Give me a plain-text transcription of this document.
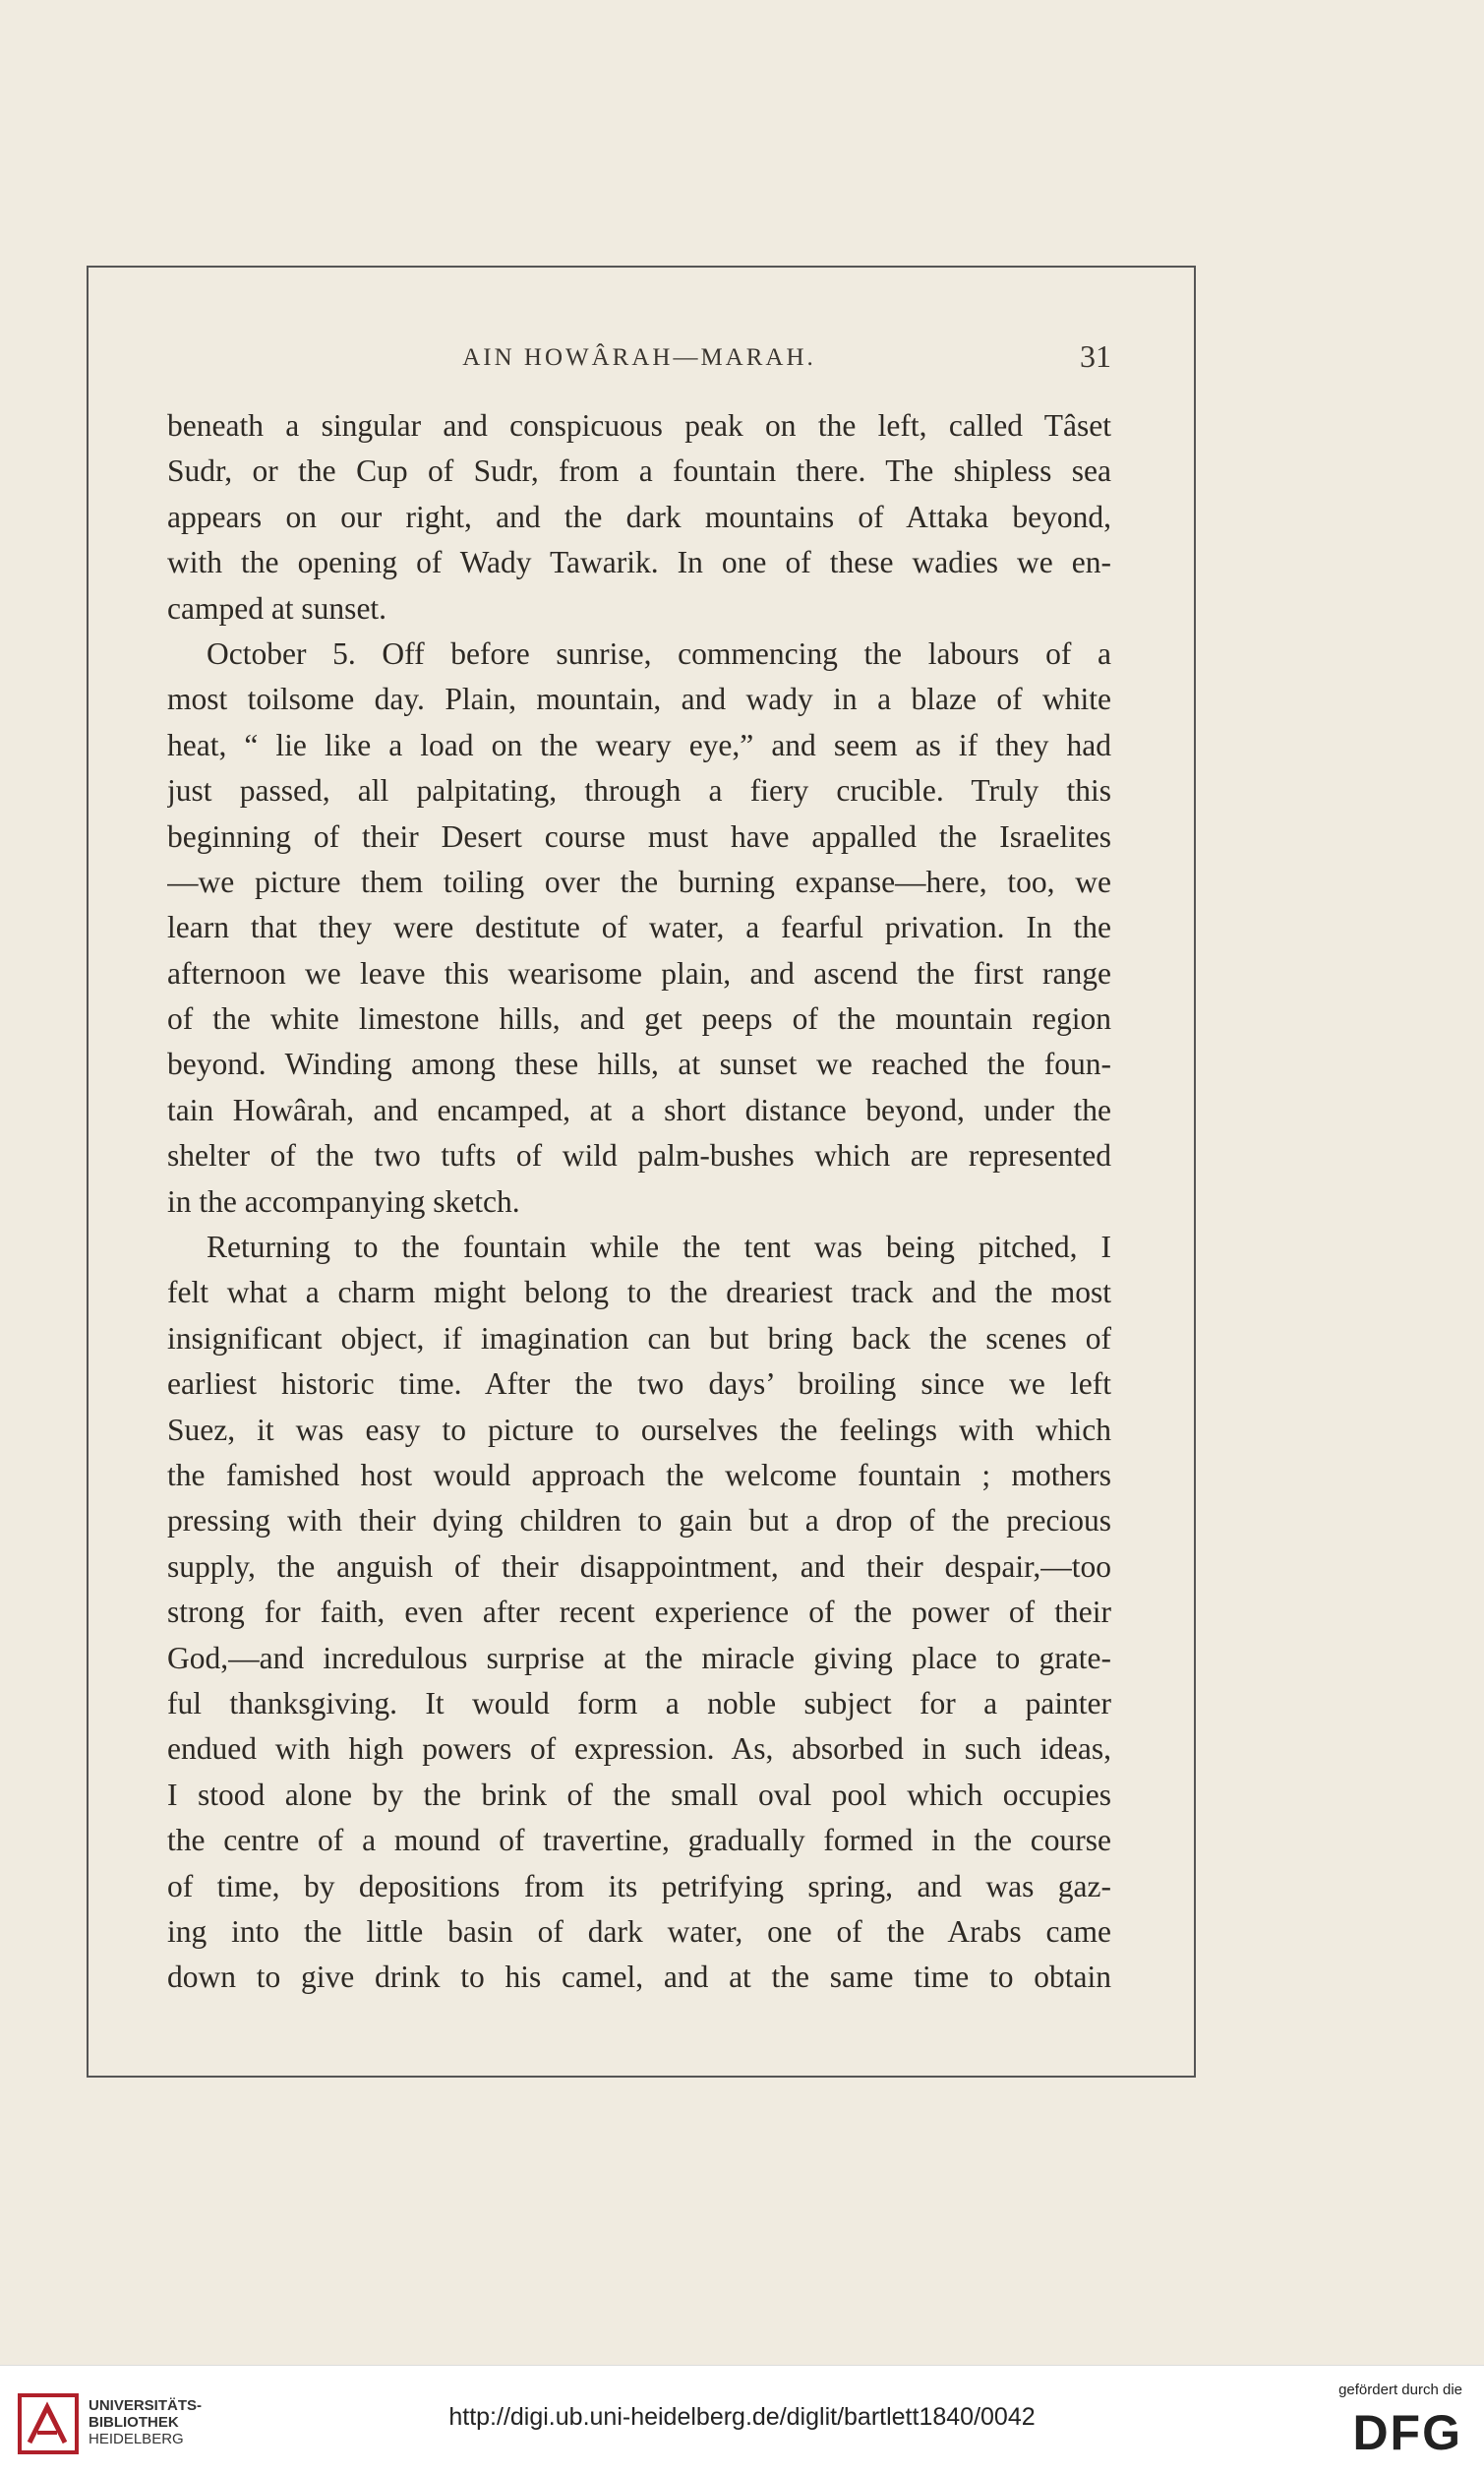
AIN HOWÂRAH—MARAH.	31
beneath a singular and conspicuous peak on the left, called Tâset
Sudr, or the Cup of Sudr, from a fountain there. The shipless sea
appears on our right, and the dark mountains of Attaka beyond,
with the opening of Wady Tawarik. In one of these wadies we en-
camped at sunset.
October 5. Off before sunrise, commencing the labours of a
most toilsome day. Plain, mountain, and wady in a blaze of white
heat, “ lie like a load on the weary eye,” and seem as if they had
just passed, all palpitating, through a fiery crucible. Truly this
beginning of their Desert course must have appalled the Israelites
—we picture them toiling over the burning expanse—here, too, we
learn that they were destitute of water, a fearful privation. In the
afternoon we leave this wearisome plain, and ascend the first range
of the white limestone hills, and get peeps of the mountain region
beyond. Winding among these hills, at sunset we reached the foun-
tain Howârah, and encamped, at a short distance beyond, under the
shelter of the two tufts of wild palm-bushes which are represented
in the accompanying sketch.
Returning to the fountain while the tent was being pitched, I
felt what a charm might belong to the dreariest track and the most
insignificant object, if imagination can but bring back the scenes of
earliest historic time. After the two days’ broiling since we left
Suez, it was easy to picture to ourselves the feelings with which
the famished host would approach the welcome fountain ; mothers
pressing with their dying children to gain but a drop of the precious
supply, the anguish of their disappointment, and their despair,—too
strong for faith, even after recent experience of the power of their
God,—and incredulous surprise at the miracle giving place to grate-
ful thanksgiving. It would form a noble subject for a painter
endued with high powers of expression. As, absorbed in such ideas,
I stood alone by the brink of the small oval pool which occupies
the centre of a mound of travertine, gradually formed in the course
of time, by depositions from its petrifying spring, and was gaz-
ing into the little basin of dark water, one of the Arabs came
down to give drink to his camel, and at the same time to obtain
UNIVERSITÄTS-
BIBLIOTHEK
HEIDELBERG
http://digi.ub.uni-heidelberg.de/diglit/bartlett1840/0042
gefördert durch die
DFG
